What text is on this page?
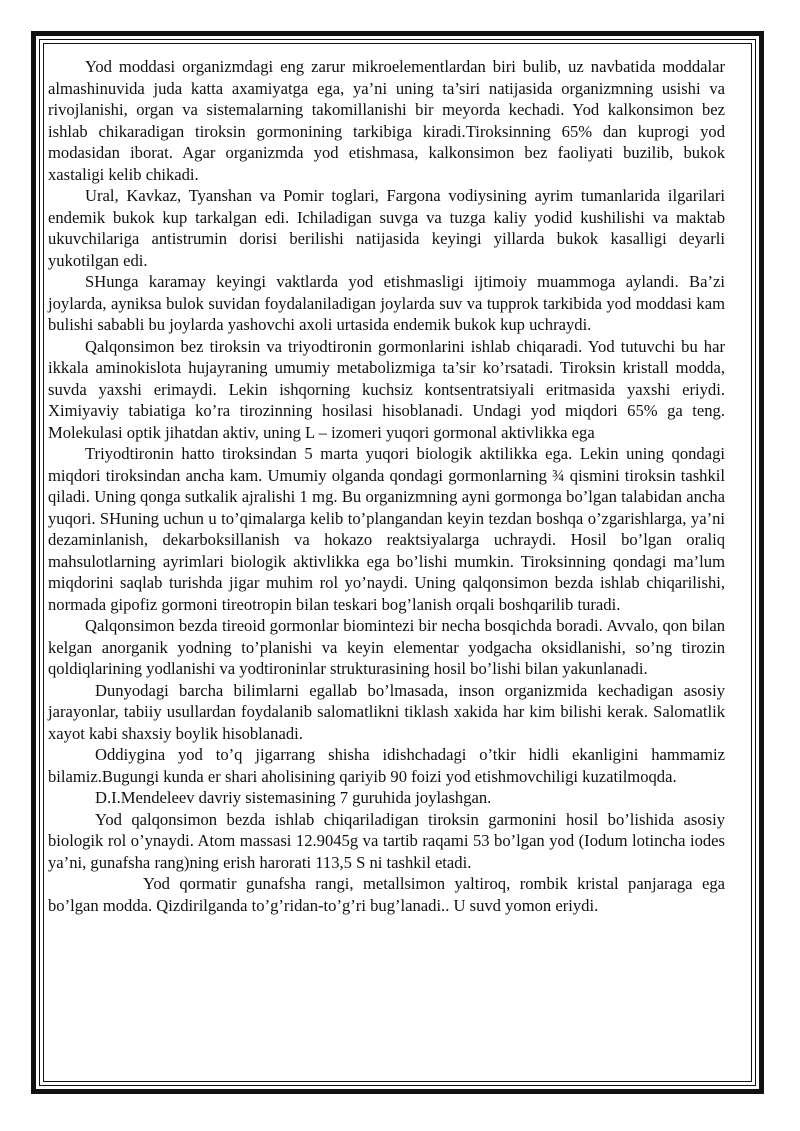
Yod moddasi organizmdagi eng zarur mikroelementlardan biri bulib, uz navbatida moddalar almashinuvida juda katta axamiyatga ega, ya’ni uning ta’siri natijasida organizmning usishi va rivojlanishi, organ va sistemalarning takomillanishi bir meyorda kechadi. Yod kalkonsimon bez ishlab chikaradigan tiroksin gormonining tarkibiga kiradi.Tiroksinning 65% dan kuprogi yod modasidan iborat. Agar organizmda yod etishmasa, kalkonsimon bez faoliyati buzilib, bukok xastaligi kelib chikadi.

Ural, Kavkaz, Tyanshan va Pomir toglari, Fargona vodiysining ayrim tumanlarida ilgarilari endemik bukok kup tarkalgan edi. Ichiladigan suvga va tuzga kaliy yodid kushilishi va maktab ukuvchilariga antistrumin dorisi berilishi natijasida keyingi yillarda bukok kasalligi deyarli yukotilgan edi.

SHunga karamay keyingi vaktlarda yod etishmasligi ijtimoiy muammoga aylandi. Ba’zi joylarda, ayniksa bulok suvidan foydalaniladigan joylarda suv va tupprok tarkibida yod moddasi kam bulishi sababli bu joylarda yashovchi axoli urtasida endemik bukok kup uchraydi.

Qalqonsimon bez tiroksin va triyodtironin gormonlarini ishlab chiqaradi. Yod tutuvchi bu har ikkala aminokislota hujayraning umumiy metabolizmiga ta’sir ko’rsatadi. Tiroksin kristall modda, suvda yaxshi erimaydi. Lekin ishqorning kuchsiz kontsentratsiyali eritmasida yaxshi eriydi. Ximiyaviy tabiatiga ko’ra tirozinning hosilasi hisoblanadi. Undagi yod miqdori 65% ga teng. Molekulasi optik jihatdan aktiv, uning L – izomeri yuqori gormonal aktivlikka ega

Triyodtironin hatto tiroksindan 5 marta yuqori biologik aktilikka ega. Lekin uning qondagi miqdori tiroksindan ancha kam. Umumiy olganda qondagi gormonlarning ¾ qismini tiroksin tashkil qiladi. Uning qonga sutkalik ajralishi 1 mg. Bu organizmning ayni gormonga bo’lgan talabidan ancha yuqori. SHuning uchun u to’qimalarga kelib to’plangandan keyin tezdan boshqa o’zgarishlarga, ya’ni dezaminlanish, dekarboksillanish va hokazo reaktsiyalarga uchraydi. Hosil bo’lgan oraliq mahsulotlarning ayrimlari biologik aktivlikka ega bo’lishi mumkin. Tiroksinning qondagi ma’lum miqdorini saqlab turishda jigar muhim rol yo’naydi. Uning qalqonsimon bezda ishlab chiqarilishi, normada gipofiz gormoni tireotropin bilan teskari bog’lanish orqali boshqarilib turadi.

Qalqonsimon bezda tireoid gormonlar biomintezi bir necha bosqichda boradi. Avvalo, qon bilan kelgan anorganik yodning to’planishi va keyin elementar yodgacha oksidlanishi, so’ng tirozin qoldiqlarining yodlanishi va yodtironinlar strukturasining hosil bo’lishi bilan yakunlanadi.

Dunyodagi barcha bilimlarni egallab bo’lmasada, inson organizmida kechadigan asosiy jarayonlar, tabiiy usullardan foydalanib salomatlikni tiklash xakida har kim bilishi kerak. Salomatlik xayot kabi shaxsiy boylik hisoblanadi.

Oddiygina yod to’q jigarrang shisha idishchadagi o’tkir hidli ekanligini hammamiz bilamiz.Bugungi kunda er shari aholisining qariyib 90 foizi yod etishmovchiligi kuzatilmoqda.

D.I.Mendeleev davriy sistemasining 7 guruhida joylashgan.

Yod qalqonsimon bezda ishlab chiqariladigan tiroksin garmonini hosil bo’lishida asosiy biologik rol o’ynaydi. Atom massasi 12.9045g va tartib raqami 53 bo’lgan yod (Iodum lotincha iodes ya’ni, gunafsha rang)ning erish harorati 113,5 S ni tashkil etadi.

Yod qormatir gunafsha rangi, metallsimon yaltiroq, rombik kristal panjaraga ega bo’lgan modda. Qizdirilganda to’g’ridan-to’g’ri bug’lanadi.. U suvd yomon eriydi.
